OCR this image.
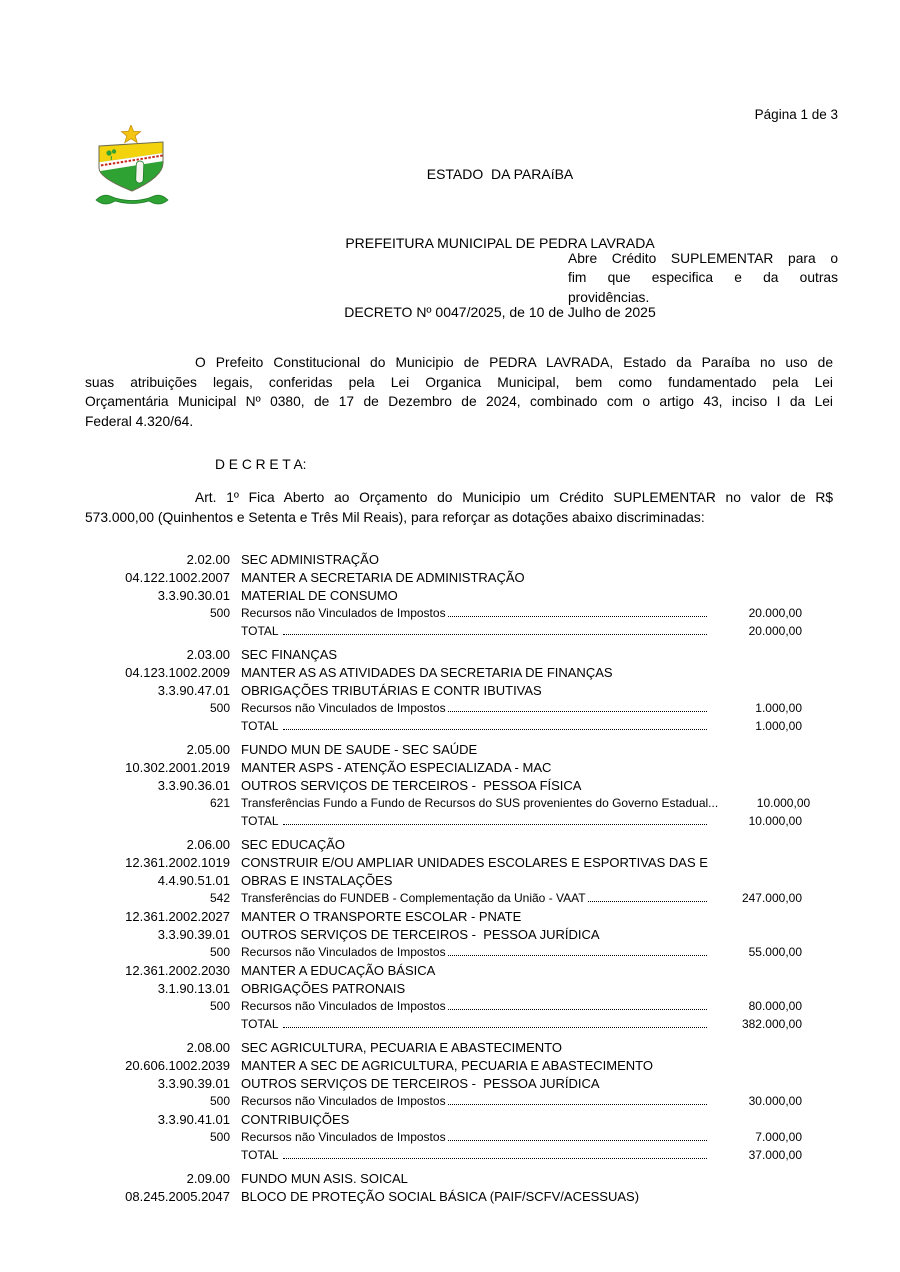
Página 1 de 3

ESTADO  DA PARAíBA

PREFEITURA MUNICIPAL DE PEDRA LAVRADA

DECRETO Nº 0047/2025, de 10 de Julho de 2025

Abre Crédito SUPLEMENTAR para o
fim que especifica e da outras
providências.
O Prefeito Constitucional do Municipio de PEDRA LAVRADA, Estado da Paraíba no uso de
suas atribuições legais, conferidas pela Lei Organica Municipal, bem como fundamentado pela Lei
Orçamentária Municipal Nº 0380, de 17 de Dezembro de 2024, combinado com o artigo 43, inciso I da Lei
Federal 4.320/64.
D E C R E T A:
Art. 1º Fica Aberto ao Orçamento do Municipio um Crédito SUPLEMENTAR no valor de R$
573.000,00 (Quinhentos e Setenta e Três Mil Reais), para reforçar as dotações abaixo discriminadas:
2.02.00 SEC ADMINISTRAÇÃO
04.122.1002.2007 MANTER A SECRETARIA DE ADMINISTRAÇÃO
3.3.90.30.01 MATERIAL DE CONSUMO
500 Recursos não Vinculados de Impostos	20.000,00
TOTAL	20.000,00
2.03.00 SEC FINANÇAS
04.123.1002.2009 MANTER AS AS ATIVIDADES DA SECRETARIA DE FINANÇAS
3.3.90.47.01 OBRIGAÇÕES TRIBUTÁRIAS E CONTR IBUTIVAS
500 Recursos não Vinculados de Impostos	1.000,00
TOTAL	1.000,00
2.05.00 FUNDO MUN DE SAUDE - SEC SAÚDE
10.302.2001.2019 MANTER ASPS - ATENÇÃO ESPECIALIZADA - MAC
3.3.90.36.01 OUTROS SERVIÇOS DE TERCEIROS -  PESSOA FÍSICA
621 Transferências Fundo a Fundo de Recursos do SUS provenientes do Governo Estadual...	10.000,00
TOTAL	10.000,00
2.06.00 SEC EDUCAÇÃO
12.361.2002.1019 CONSTRUIR E/OU AMPLIAR UNIDADES ESCOLARES E ESPORTIVAS DAS E
4.4.90.51.01 OBRAS E INSTALAÇÕES
542 Transferências do FUNDEB - Complementação da União - VAAT	247.000,00
12.361.2002.2027 MANTER O TRANSPORTE ESCOLAR - PNATE
3.3.90.39.01 OUTROS SERVIÇOS DE TERCEIROS -  PESSOA JURÍDICA
500 Recursos não Vinculados de Impostos	55.000,00
12.361.2002.2030 MANTER A EDUCAÇÃO BÁSICA
3.1.90.13.01 OBRIGAÇÕES PATRONAIS
500 Recursos não Vinculados de Impostos	80.000,00
TOTAL	382.000,00
2.08.00 SEC AGRICULTURA, PECUARIA E ABASTECIMENTO
20.606.1002.2039 MANTER A SEC DE AGRICULTURA, PECUARIA E ABASTECIMENTO
3.3.90.39.01 OUTROS SERVIÇOS DE TERCEIROS -  PESSOA JURÍDICA
500 Recursos não Vinculados de Impostos	30.000,00
3.3.90.41.01 CONTRIBUIÇÕES
500 Recursos não Vinculados de Impostos	7.000,00
TOTAL	37.000,00
2.09.00 FUNDO MUN ASIS. SOICAL
08.245.2005.2047 BLOCO DE PROTEÇÃO SOCIAL BÁSICA (PAIF/SCFV/ACESSUAS)
